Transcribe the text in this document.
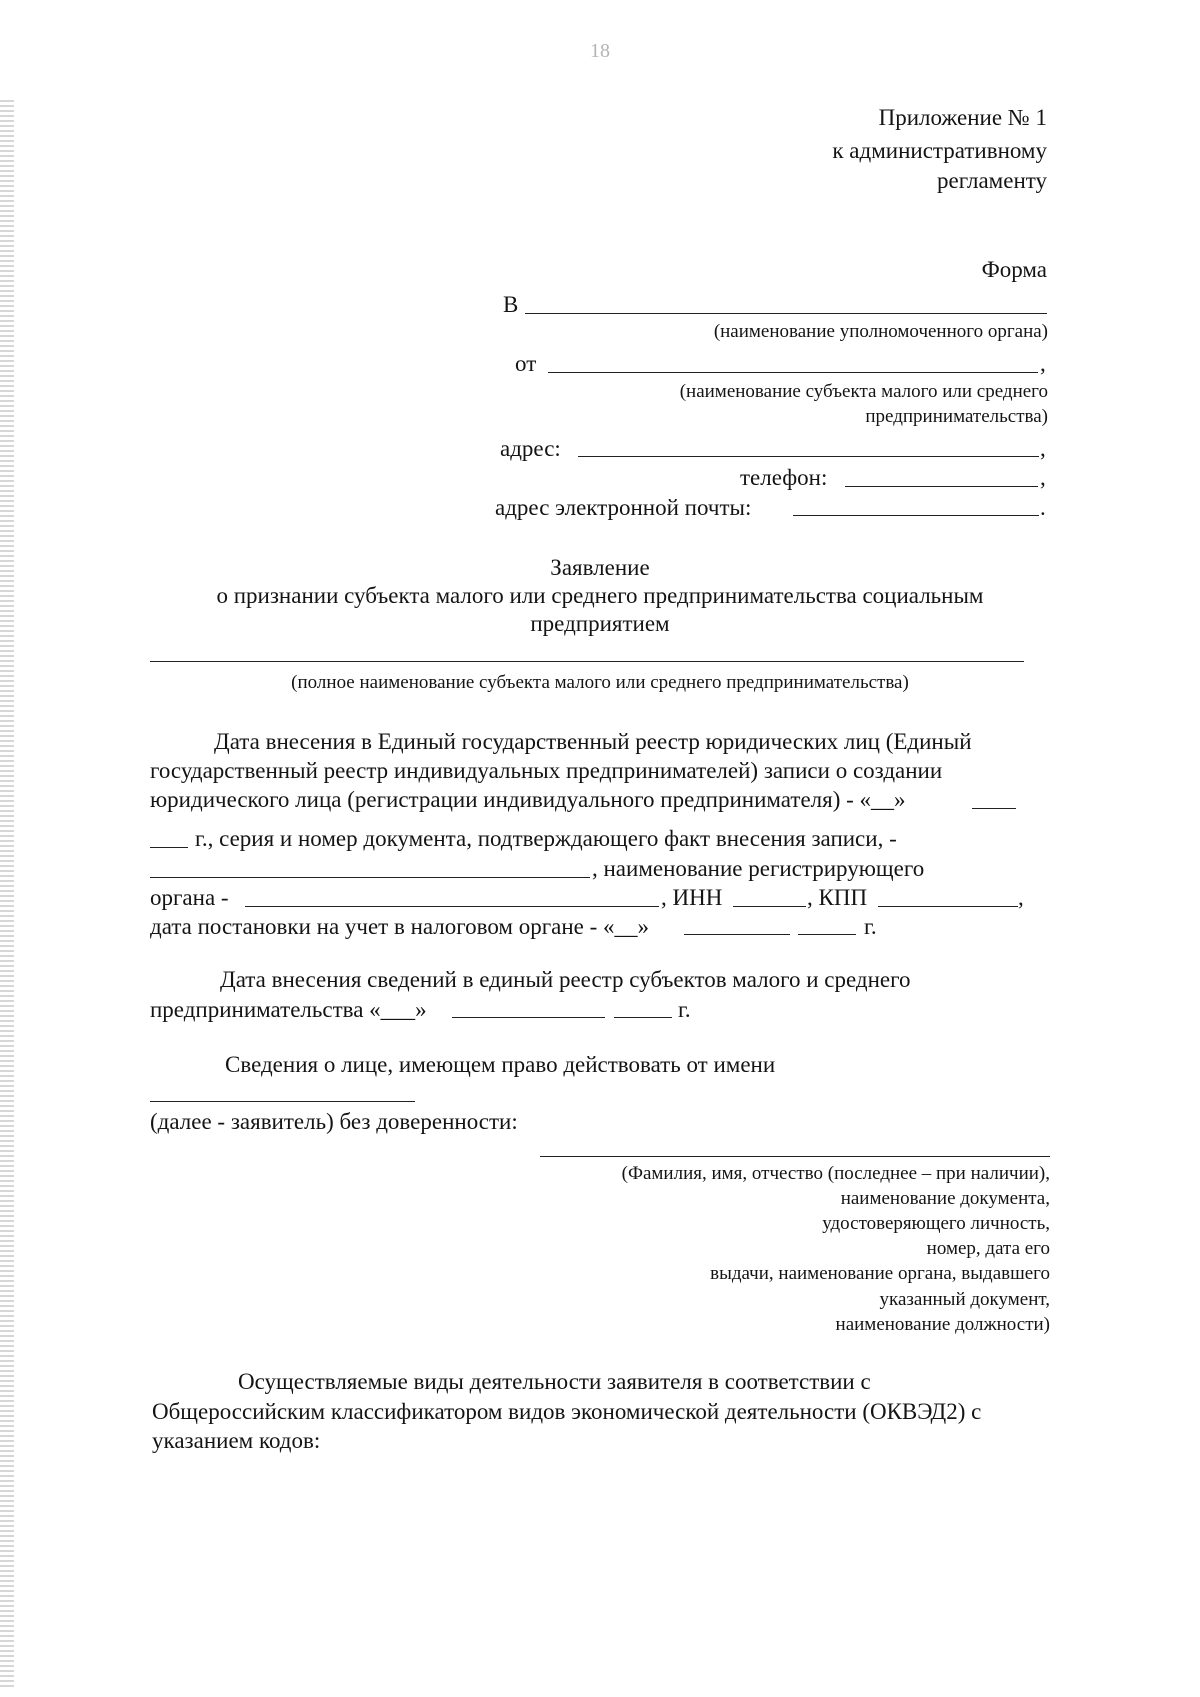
18
Приложение № 1
к административному
регламенту
Форма
В
(наименование уполномоченного органа)
от	,
(наименование субъекта малого или среднего
предпринимательства)
адрес:	,
телефон:	,
адрес электронной почты:	.
Заявление
о признании субъекта малого или среднего предпринимательства социальным
предприятием
(полное наименование субъекта малого или среднего предпринимательства)
Дата внесения в Единый государственный реестр юридических лиц (Единый
государственный реестр индивидуальных предпринимателей) записи о создании
юридического лица (регистрации индивидуального предпринимателя) - «__»
г., серия и номер документа, подтверждающего факт внесения записи, -
, наименование регистрирующего
органа -	, ИНН	, КПП	,
дата постановки на учет в налоговом органе - «__»	г.
Дата внесения сведений в единый реестр субъектов малого и среднего
предпринимательства «___»	г.
Сведения о лице, имеющем право действовать от имени
(далее - заявитель) без доверенности:
(Фамилия, имя, отчество (последнее – при наличии),
наименование документа,
удостоверяющего личность,
номер, дата его
выдачи, наименование органа, выдавшего
указанный документ,
наименование должности)
Осуществляемые виды деятельности заявителя в соответствии с
Общероссийским классификатором видов экономической деятельности (ОКВЭД2) с
указанием кодов:
